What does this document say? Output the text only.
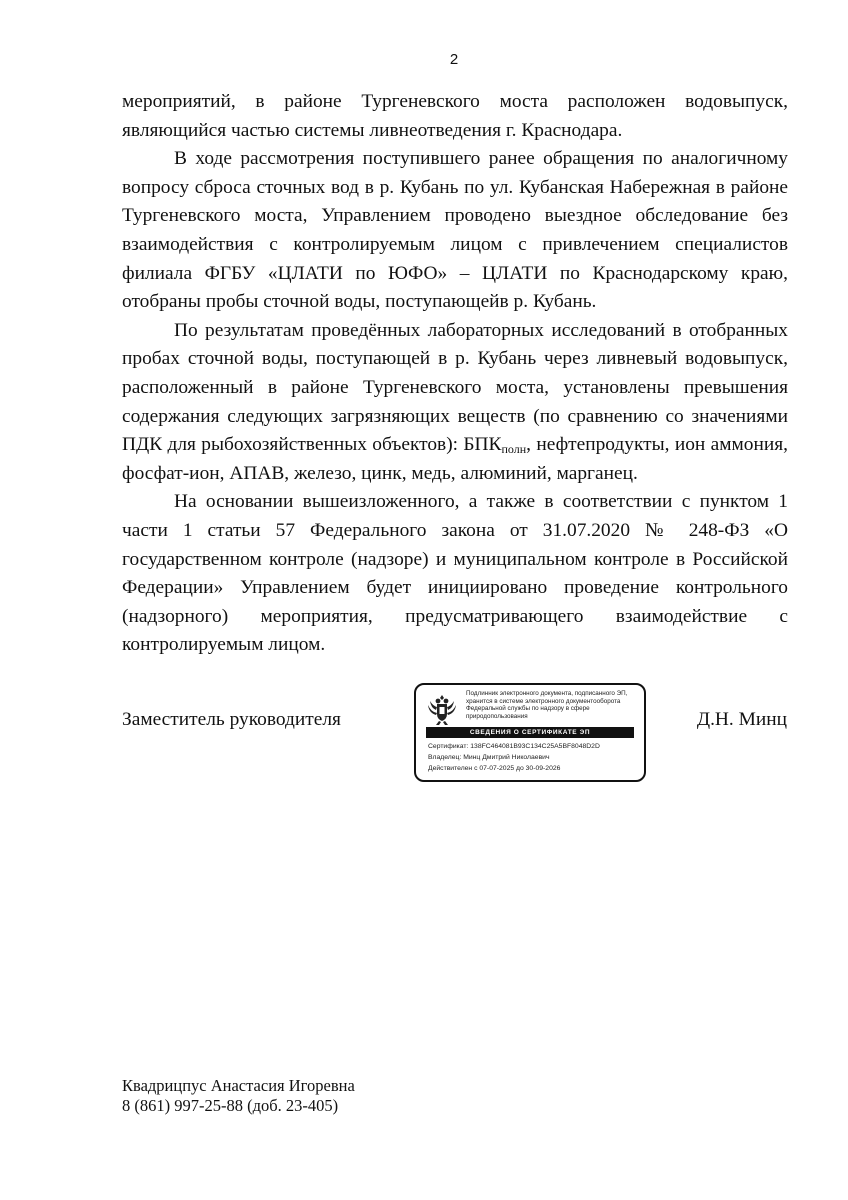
2

мероприятий, в районе Тургеневского моста расположен водовыпуск, являющийся частью системы ливнеотведения г. Краснодара.

В ходе рассмотрения поступившего ранее обращения по аналогичному вопросу сброса сточных вод в р. Кубань по ул. Кубанская Набережная в районе Тургеневского моста, Управлением проводено выездное обследование без взаимодействия с контролируемым лицом с привлечением специалистов филиала ФГБУ «ЦЛАТИ по ЮФО» – ЦЛАТИ по Краснодарскому краю, отобраны пробы сточной воды, поступающейв р. Кубань.

По результатам проведённых лабораторных исследований в отобранных пробах сточной воды, поступающей в р. Кубань через ливневый водовыпуск, расположенный в районе Тургеневского моста, установлены превышения содержания следующих загрязняющих веществ (по сравнению со значениями ПДК для рыбохозяйственных объектов): $БПК_{полн}$, нефтепродукты, ион аммония, фосфат-ион, АПАВ, железо, цинк, медь, алюминий, марганец.

На основании вышеизложенного, а также в соответствии с пунктом 1 части 1 статьи 57 Федерального закона от 31.07.2020 № 248-ФЗ «О государственном контроле (надзоре) и муниципальном контроле в Российской Федерации» Управлением будет инициировано проведение контрольного (надзорного) мероприятия, предусматривающего взаимодействие с контролируемым лицом.

Заместитель руководителя
Подлинник электронного документа, подписанного ЭП, хранится в системе электронного документооборота Федеральной службы по надзору в сфере природопользования
СВЕДЕНИЯ О СЕРТИФИКАТЕ ЭП
Сертификат: 138FC464081B93C134C25A5BF8048D2D
Владелец: Минц Дмитрий Николаевич
Действителен с 07-07-2025 до 30-09-2026
Д.Н. Минц
Квадрицпус Анастасия Игоревна
8 (861) 997-25-88 (доб. 23-405)
